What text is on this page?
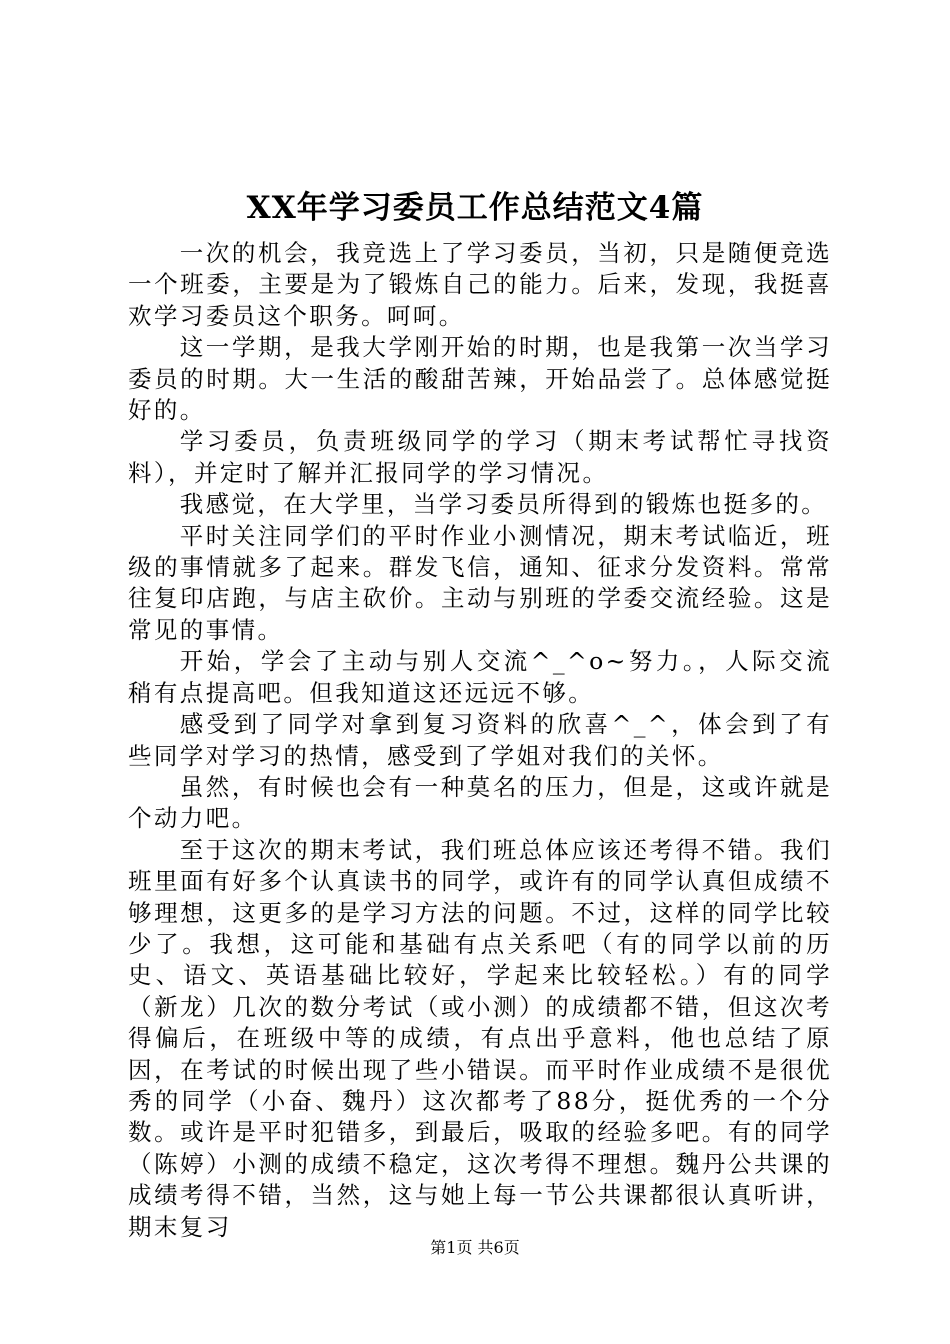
XX年学习委员工作总结范文4篇

一次的机会，我竞选上了学习委员，当初，只是随便竞选一个班委，主要是为了锻炼自己的能力。后来，发现，我挺喜欢学习委员这个职务。呵呵。

这一学期，是我大学刚开始的时期，也是我第一次当学习委员的时期。大一生活的酸甜苦辣，开始品尝了。总体感觉挺好的。

学习委员，负责班级同学的学习（期末考试帮忙寻找资料），并定时了解并汇报同学的学习情况。

我感觉，在大学里，当学习委员所得到的锻炼也挺多的。

平时关注同学们的平时作业小测情况，期末考试临近，班级的事情就多了起来。群发飞信，通知、征求分发资料。常常往复印店跑，与店主砍价。主动与别班的学委交流经验。这是常见的事情。

开始，学会了主动与别人交流^_^o~努力。，人际交流稍有点提高吧。但我知道这还远远不够。

感受到了同学对拿到复习资料的欣喜^_^，体会到了有些同学对学习的热情，感受到了学姐对我们的关怀。

虽然，有时候也会有一种莫名的压力，但是，这或许就是个动力吧。

至于这次的期末考试，我们班总体应该还考得不错。我们班里面有好多个认真读书的同学，或许有的同学认真但成绩不够理想，这更多的是学习方法的问题。不过，这样的同学比较少了。我想，这可能和基础有点关系吧（有的同学以前的历史、语文、英语基础比较好，学起来比较轻松。）有的同学（新龙）几次的数分考试（或小测）的成绩都不错，但这次考得偏后，在班级中等的成绩，有点出乎意料，他也总结了原因，在考试的时候出现了些小错误。而平时作业成绩不是很优秀的同学（小奋、魏丹）这次都考了88分，挺优秀的一个分数。或许是平时犯错多，到最后，吸取的经验多吧。有的同学（陈婷）小测的成绩不稳定，这次考得不理想。魏丹公共课的成绩考得不错，当然，这与她上每一节公共课都很认真听讲，期末复习

第1页 共6页
